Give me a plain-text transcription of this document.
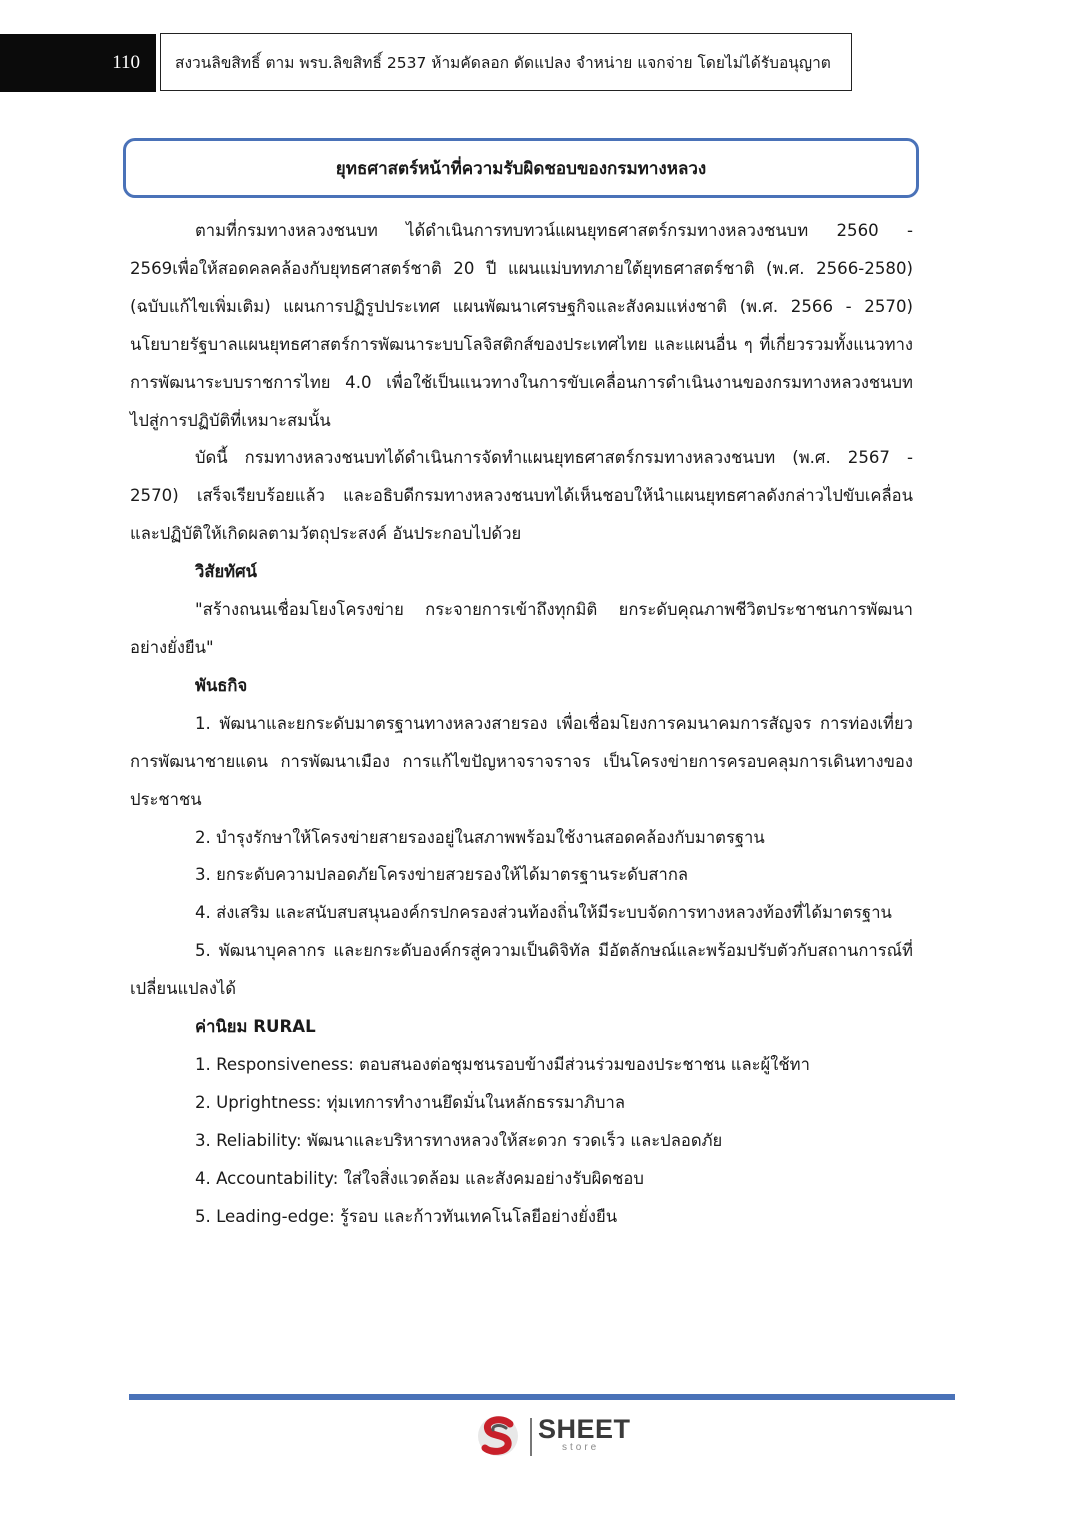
110	สงวนลิขสิทธิ์ ตาม พรบ.ลิขสิทธิ์ 2537 ห้ามคัดลอก ดัดแปลง จำหน่าย แจกจ่าย โดยไม่ได้รับอนุญาต
ยุทธศาสตร์หน้าที่ความรับผิดชอบของกรมทางหลวง

ตามที่กรมทางหลวงชนบท ได้ดำเนินการทบทวน์แผนยุทธศาสตร์กรมทางหลวงชนบท 2560 - 2569เพื่อให้สอดคลคล้องกับยุทธศาสตร์ชาติ 20 ปี แผนแม่บททภายใต้ยุทธศาสตร์ชาติ (พ.ศ. 2566-2580) (ฉบับแก้ไขเพิ่มเติม) แผนการปฏิรูปประเทศ แผนพัฒนาเศรษฐกิจและสังคมแห่งชาติ (พ.ศ. 2566 - 2570) นโยบายรัฐบาลแผนยุทธศาสตร์การพัฒนาระบบโลจิสติกส์ของประเทศไทย และแผนอื่น ๆ ที่เกี่ยวรวมทั้งแนวทางการพัฒนาระบบราชการไทย 4.0 เพื่อใช้เป็นแนวทางในการขับเคลื่อนการดำเนินงานของกรมทางหลวงชนบทไปสู่การปฏิบัติที่เหมาะสมนั้น

บัดนี้ กรมทางหลวงชนบทได้ดำเนินการจัดทำแผนยุทธศาสตร์กรมทางหลวงชนบท (พ.ศ. 2567 - 2570) เสร็จเรียบร้อยแล้ว และอธิบดีกรมทางหลวงชนบทได้เห็นชอบให้นำแผนยุทธศาลดังกล่าวไปขับเคลื่อน และปฏิบัติให้เกิดผลตามวัตถุประสงค์ อันประกอบไปด้วย

วิสัยทัศน์

"สร้างถนนเชื่อมโยงโครงข่าย กระจายการเข้าถึงทุกมิติ ยกระดับคุณภาพชีวิตประชาชนการพัฒนาอย่างยั่งยืน"

พันธกิจ

1. พัฒนาและยกระดับมาตรฐานทางหลวงสายรอง เพื่อเชื่อมโยงการคมนาคมการสัญจร การท่องเที่ยว การพัฒนาชายแดน การพัฒนาเมือง การแก้ไขปัญหาจราจราจร เป็นโครงข่ายการครอบคลุมการเดินทางของประชาชน

2. บำรุงรักษาให้โครงข่ายสายรองอยู่ในสภาพพร้อมใช้งานสอดคล้องกับมาตรฐาน

3. ยกระดับความปลอดภัยโครงข่ายสวยรองให้ได้มาตรฐานระดับสากล

4. ส่งเสริม และสนับสบสนุนองค์กรปกครองส่วนท้องถิ่นให้มีระบบจัดการทางหลวงท้องที่ได้มาตรฐาน

5. พัฒนาบุคลากร และยกระดับองค์กรสู่ความเป็นดิจิทัล มีอัตลักษณ์และพร้อมปรับตัวกับสถานการณ์ที่เปลี่ยนแปลงได้

ค่านิยม RURAL

1. Responsiveness: ตอบสนองต่อชุมชนรอบข้างมีส่วนร่วมของประชาชน และผู้ใช้ทา

2. Uprightness: ทุ่มเทการทำงานยึดมั่นในหลักธรรมาภิบาล

3. Reliability: พัฒนาและบริหารทางหลวงให้สะดวก รวดเร็ว และปลอดภัย

4. Accountability: ใส่ใจสิ่งแวดล้อม และสังคมอย่างรับผิดชอบ

5. Leading-edge: รู้รอบ และก้าวทันเทคโนโลยีอย่างยั่งยืน

SHEET
store
